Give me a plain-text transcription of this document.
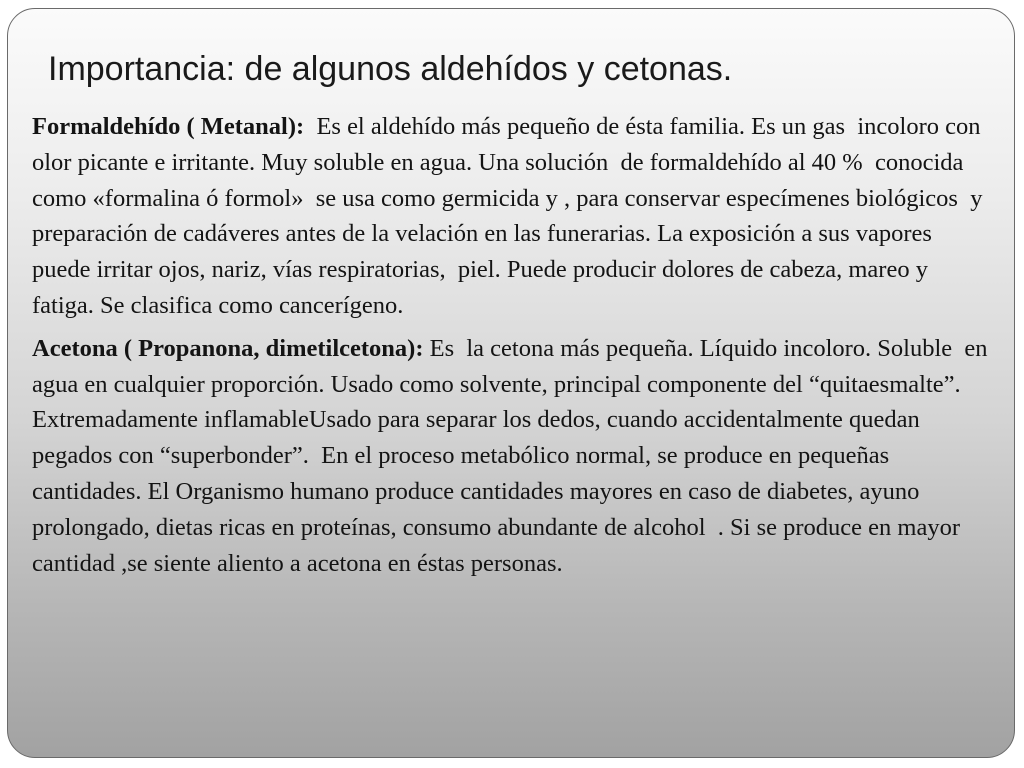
Importancia: de algunos aldehídos y cetonas.

Formaldehído ( Metanal):  Es el aldehído más pequeño de ésta familia. Es un gas  incoloro con olor picante e irritante. Muy soluble en agua. Una solución  de formaldehído al 40 %  conocida como «formalina ó formol»  se usa como germicida y , para conservar especímenes biológicos  y preparación de cadáveres antes de la velación en las funerarias. La exposición a sus vapores puede irritar ojos, nariz, vías respiratorias,  piel. Puede producir dolores de cabeza, mareo y fatiga. Se clasifica como cancerígeno.

Acetona ( Propanona, dimetilcetona): Es  la cetona más pequeña. Líquido incoloro. Soluble  en agua en cualquier proporción. Usado como solvente, principal componente del “quitaesmalte”.  Extremadamente inflamableUsado para separar los dedos, cuando accidentalmente quedan pegados con “superbonder”.  En el proceso metabólico normal, se produce en pequeñas cantidades. El Organismo humano produce cantidades mayores en caso de diabetes, ayuno prolongado, dietas ricas en proteínas, consumo abundante de alcohol  . Si se produce en mayor cantidad ,se siente aliento a acetona en éstas personas.
